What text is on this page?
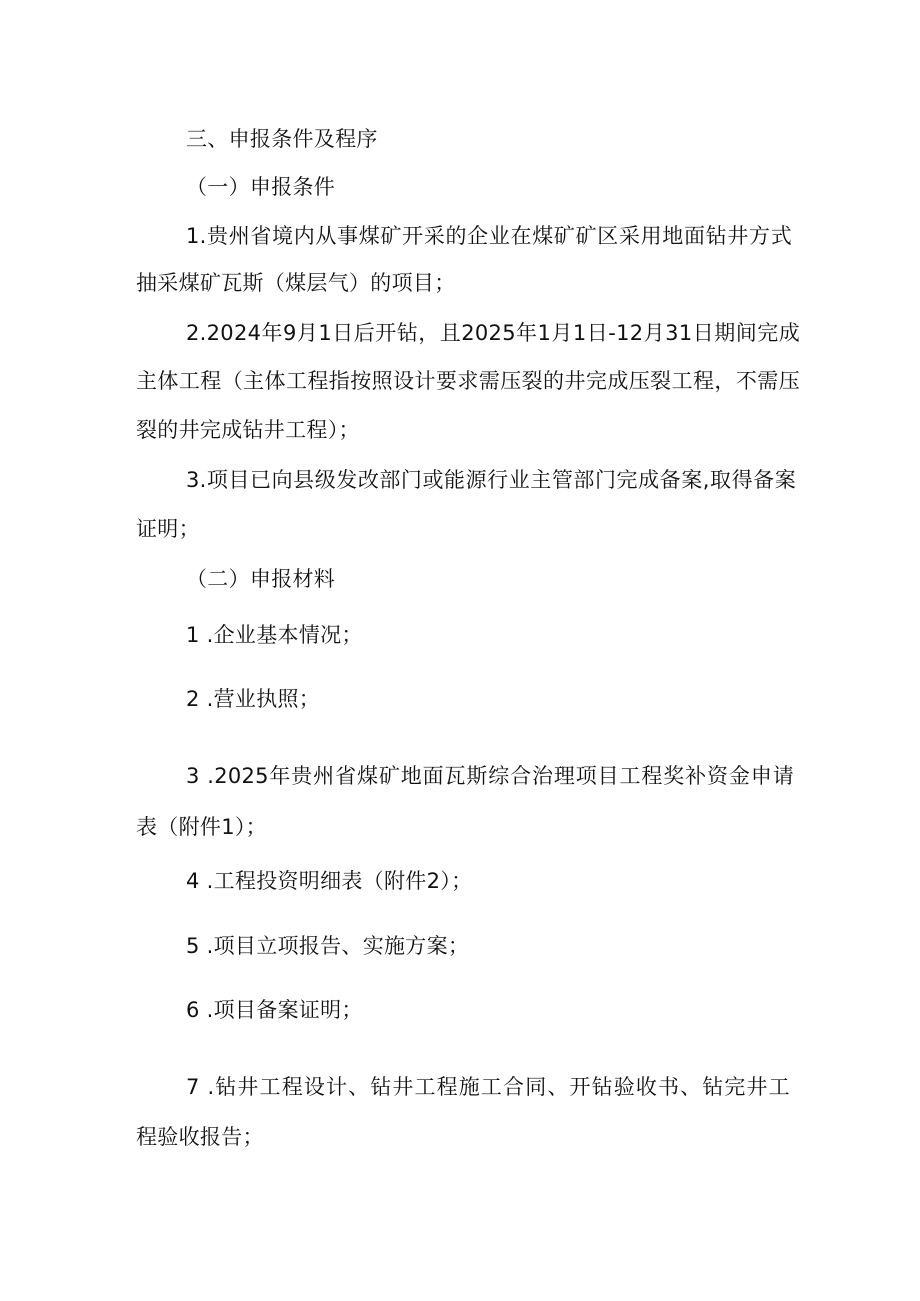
三、申报条件及程序
（一）申报条件
1.贵州省境内从事煤矿开采的企业在煤矿矿区采用地面钻井方式
抽采煤矿瓦斯（煤层气）的项目；
2.2024年9月1日后开钻，且2025年1月1日-12月31日期间完成
主体工程（主体工程指按照设计要求需压裂的井完成压裂工程，不需压
裂的井完成钻井工程）；
3.项目已向县级发改部门或能源行业主管部门完成备案,取得备案
证明；
（二）申报材料
1 .企业基本情况；
2 .营业执照；
3 .2025年贵州省煤矿地面瓦斯综合治理项目工程奖补资金申请
表（附件1）；
4 .工程投资明细表（附件2）；
5 .项目立项报告、实施方案；
6 .项目备案证明；
7 .钻井工程设计、钻井工程施工合同、开钻验收书、钻完井工
程验收报告；
